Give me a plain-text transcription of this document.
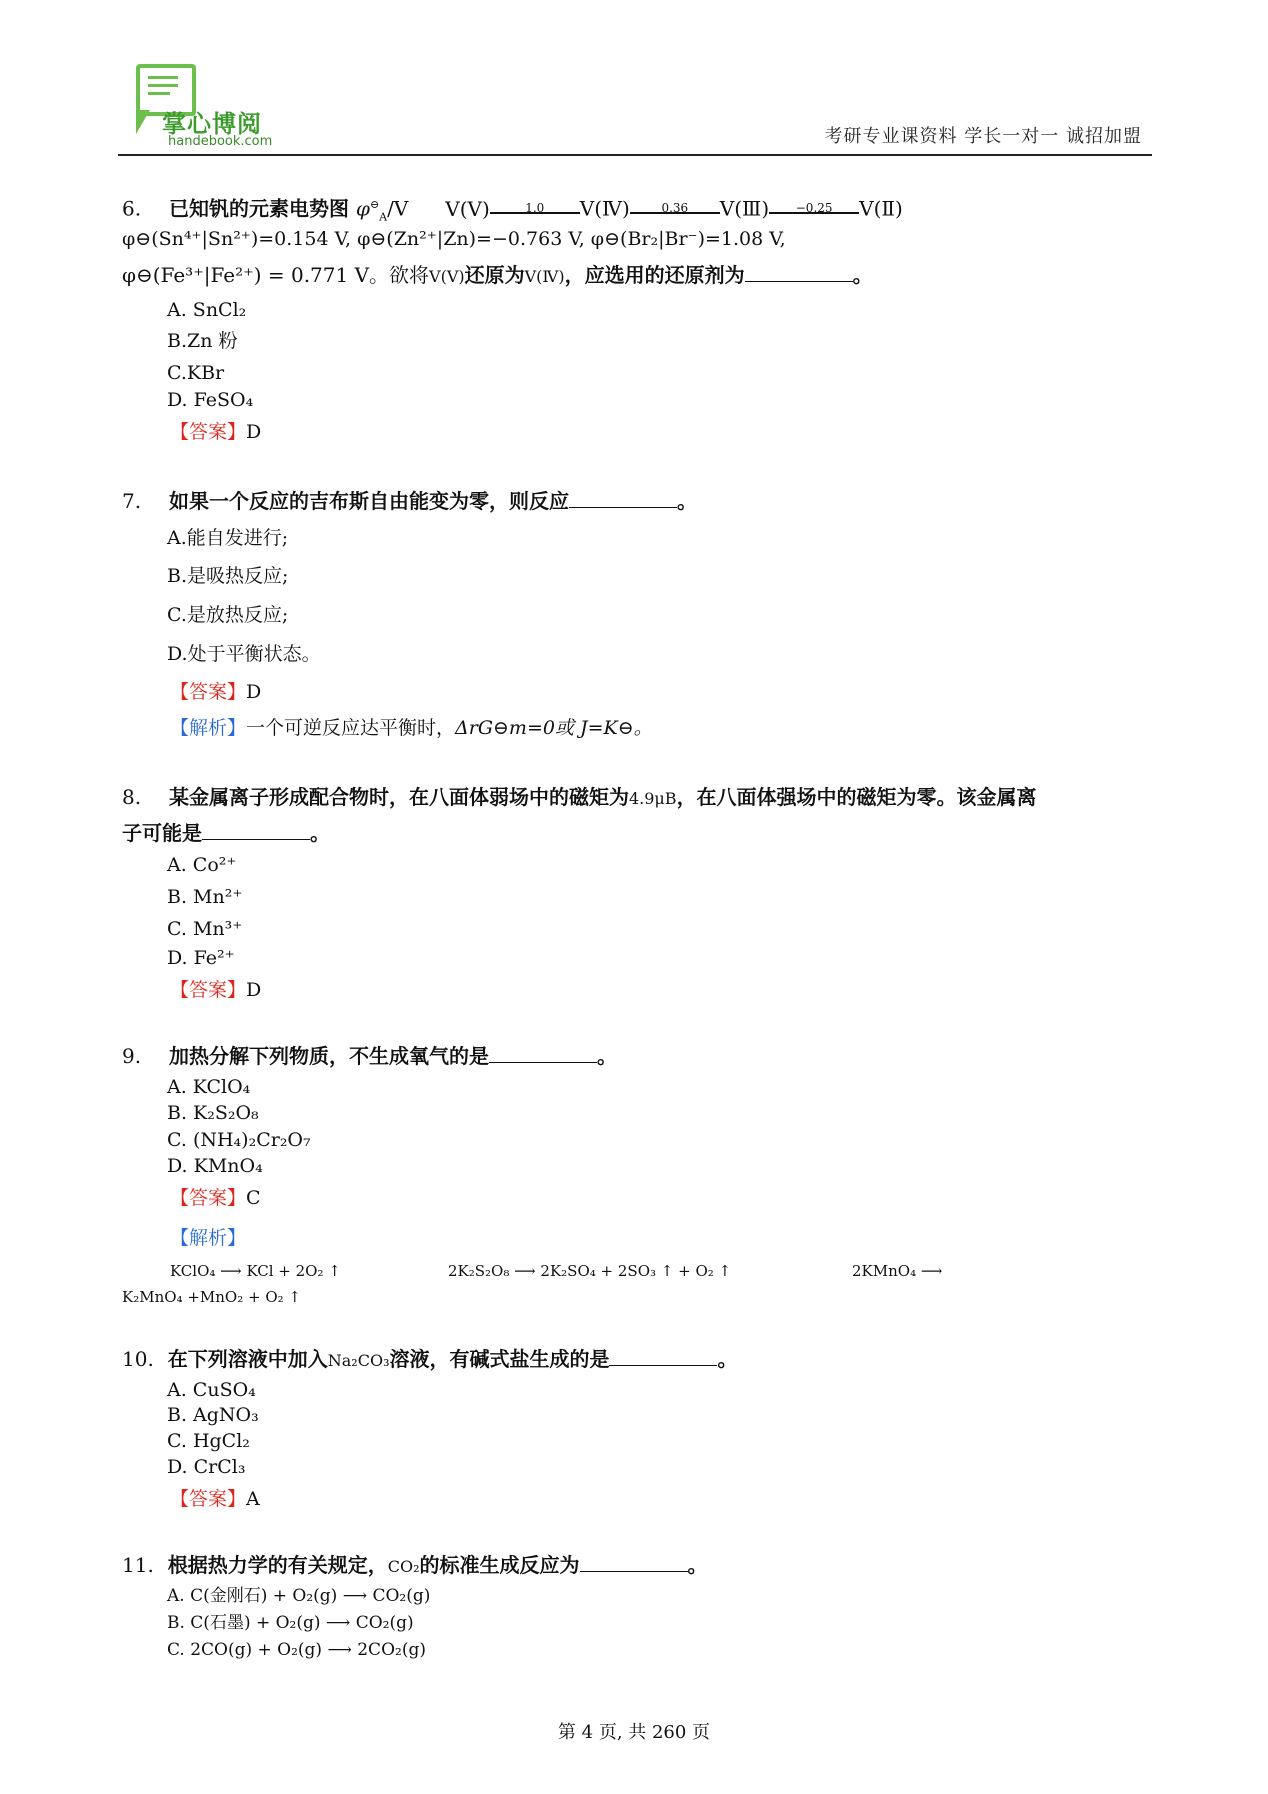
掌心博阅
handebook.com	考研专业课资料 学长一对一 诚招加盟
6. 已知钒的元素电势图 $\varphi^⊖_A/V$ V(Ⅴ)	1.0	V(Ⅳ)	0.36	V(Ⅲ)	−0.25	V(Ⅱ)
φ⊖(Sn⁴⁺|Sn²⁺)=0.154 V, φ⊖(Zn²⁺|Zn)=−0.763 V, φ⊖(Br₂|Br⁻)=1.08 V,
φ⊖(Fe³⁺|Fe²⁺) = 0.771 V。欲将V(Ⅴ)还原为V(Ⅳ)，应选用的还原剂为	。
A. SnCl₂
B.Zn 粉
C.KBr
D. FeSO₄
【答案】D
7. 如果一个反应的吉布斯自由能变为零，则反应	。
A.能自发进行;
B.是吸热反应;
C.是放热反应;
D.处于平衡状态。
【答案】D
【解析】一个可逆反应达平衡时，ΔrG⊖m=0或 J=K⊖。
8. 某金属离子形成配合物时，在八面体弱场中的磁矩为4.9μB，在八面体强场中的磁矩为零。该金属离
子可能是	。
A. Co²⁺
B. Mn²⁺
C. Mn³⁺
D. Fe²⁺
【答案】D
9. 加热分解下列物质，不生成氧气的是	。
A. KClO₄
B. K₂S₂O₈
C. (NH₄)₂Cr₂O₇
D. KMnO₄
【答案】C
【解析】
KClO₄ ⟶ KCl + 2O₂ ↑	2K₂S₂O₈ ⟶ 2K₂SO₄ + 2SO₃ ↑ + O₂ ↑	2KMnO₄ ⟶
K₂MnO₄ +MnO₂ + O₂ ↑
10. 在下列溶液中加入Na₂CO₃溶液，有碱式盐生成的是	。
A. CuSO₄
B. AgNO₃
C. HgCl₂
D. CrCl₃
【答案】A
11. 根据热力学的有关规定，CO₂的标准生成反应为	。
A. C(金刚石) + O₂(g) ⟶ CO₂(g)
B. C(石墨) + O₂(g) ⟶ CO₂(g)
C. 2CO(g) + O₂(g) ⟶ 2CO₂(g)
第 4 页, 共 260 页
